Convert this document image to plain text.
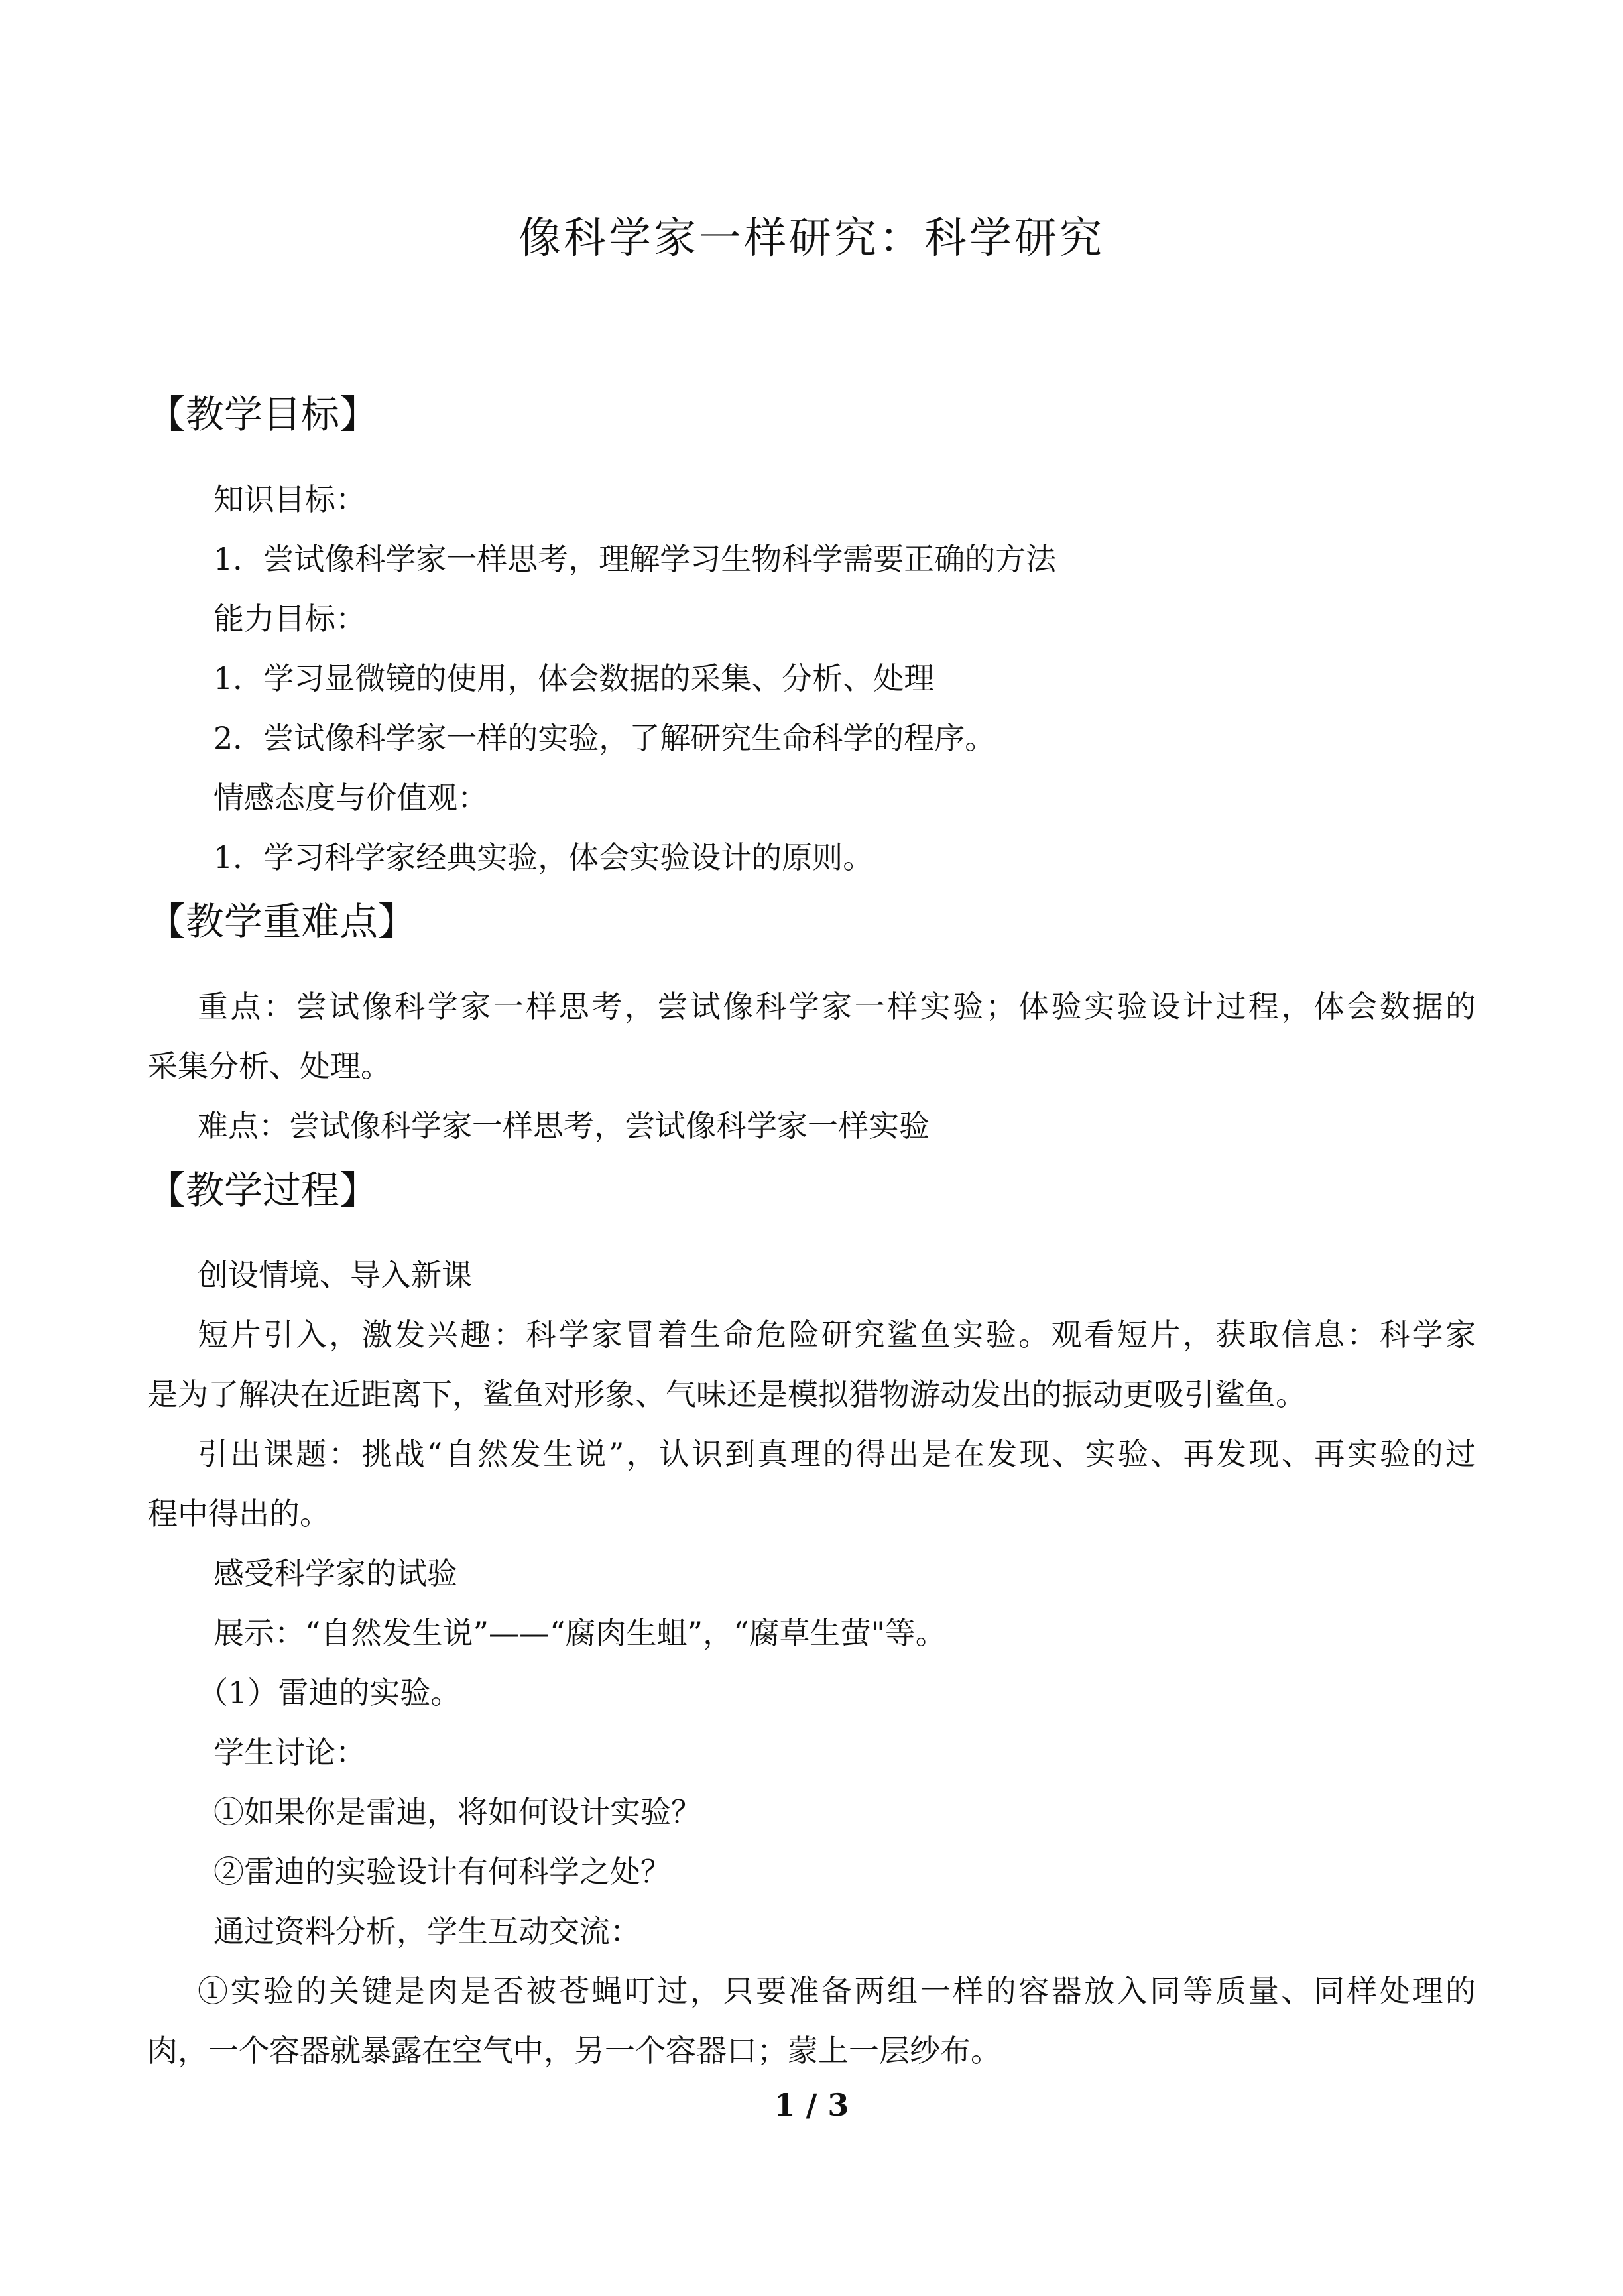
像科学家一样研究：科学研究
【教学目标】
知识目标：
1．尝试像科学家一样思考，理解学习生物科学需要正确的方法
能力目标：
1．学习显微镜的使用，体会数据的采集、分析、处理
2．尝试像科学家一样的实验，了解研究生命科学的程序。
情感态度与价值观：
1．学习科学家经典实验，体会实验设计的原则。
【教学重难点】
重点：尝试像科学家一样思考，尝试像科学家一样实验；体验实验设计过程，体会数据的
采集分析、处理。
难点：尝试像科学家一样思考，尝试像科学家一样实验
【教学过程】
创设情境、导入新课
短片引入，激发兴趣：科学家冒着生命危险研究鲨鱼实验。观看短片，获取信息：科学家
是为了解决在近距离下，鲨鱼对形象、气味还是模拟猎物游动发出的振动更吸引鲨鱼。
引出课题：挑战“自然发生说”，认识到真理的得出是在发现、实验、再发现、再实验的过
程中得出的。
感受科学家的试验
展示：“自然发生说”——“腐肉生蛆”，“腐草生萤"等。
（1）雷迪的实验。
学生讨论：
①如果你是雷迪，将如何设计实验？
②雷迪的实验设计有何科学之处？
通过资料分析，学生互动交流：
①实验的关键是肉是否被苍蝇叮过，只要准备两组一样的容器放入同等质量、同样处理的
肉，一个容器就暴露在空气中，另一个容器口；蒙上一层纱布。
1 / 3
